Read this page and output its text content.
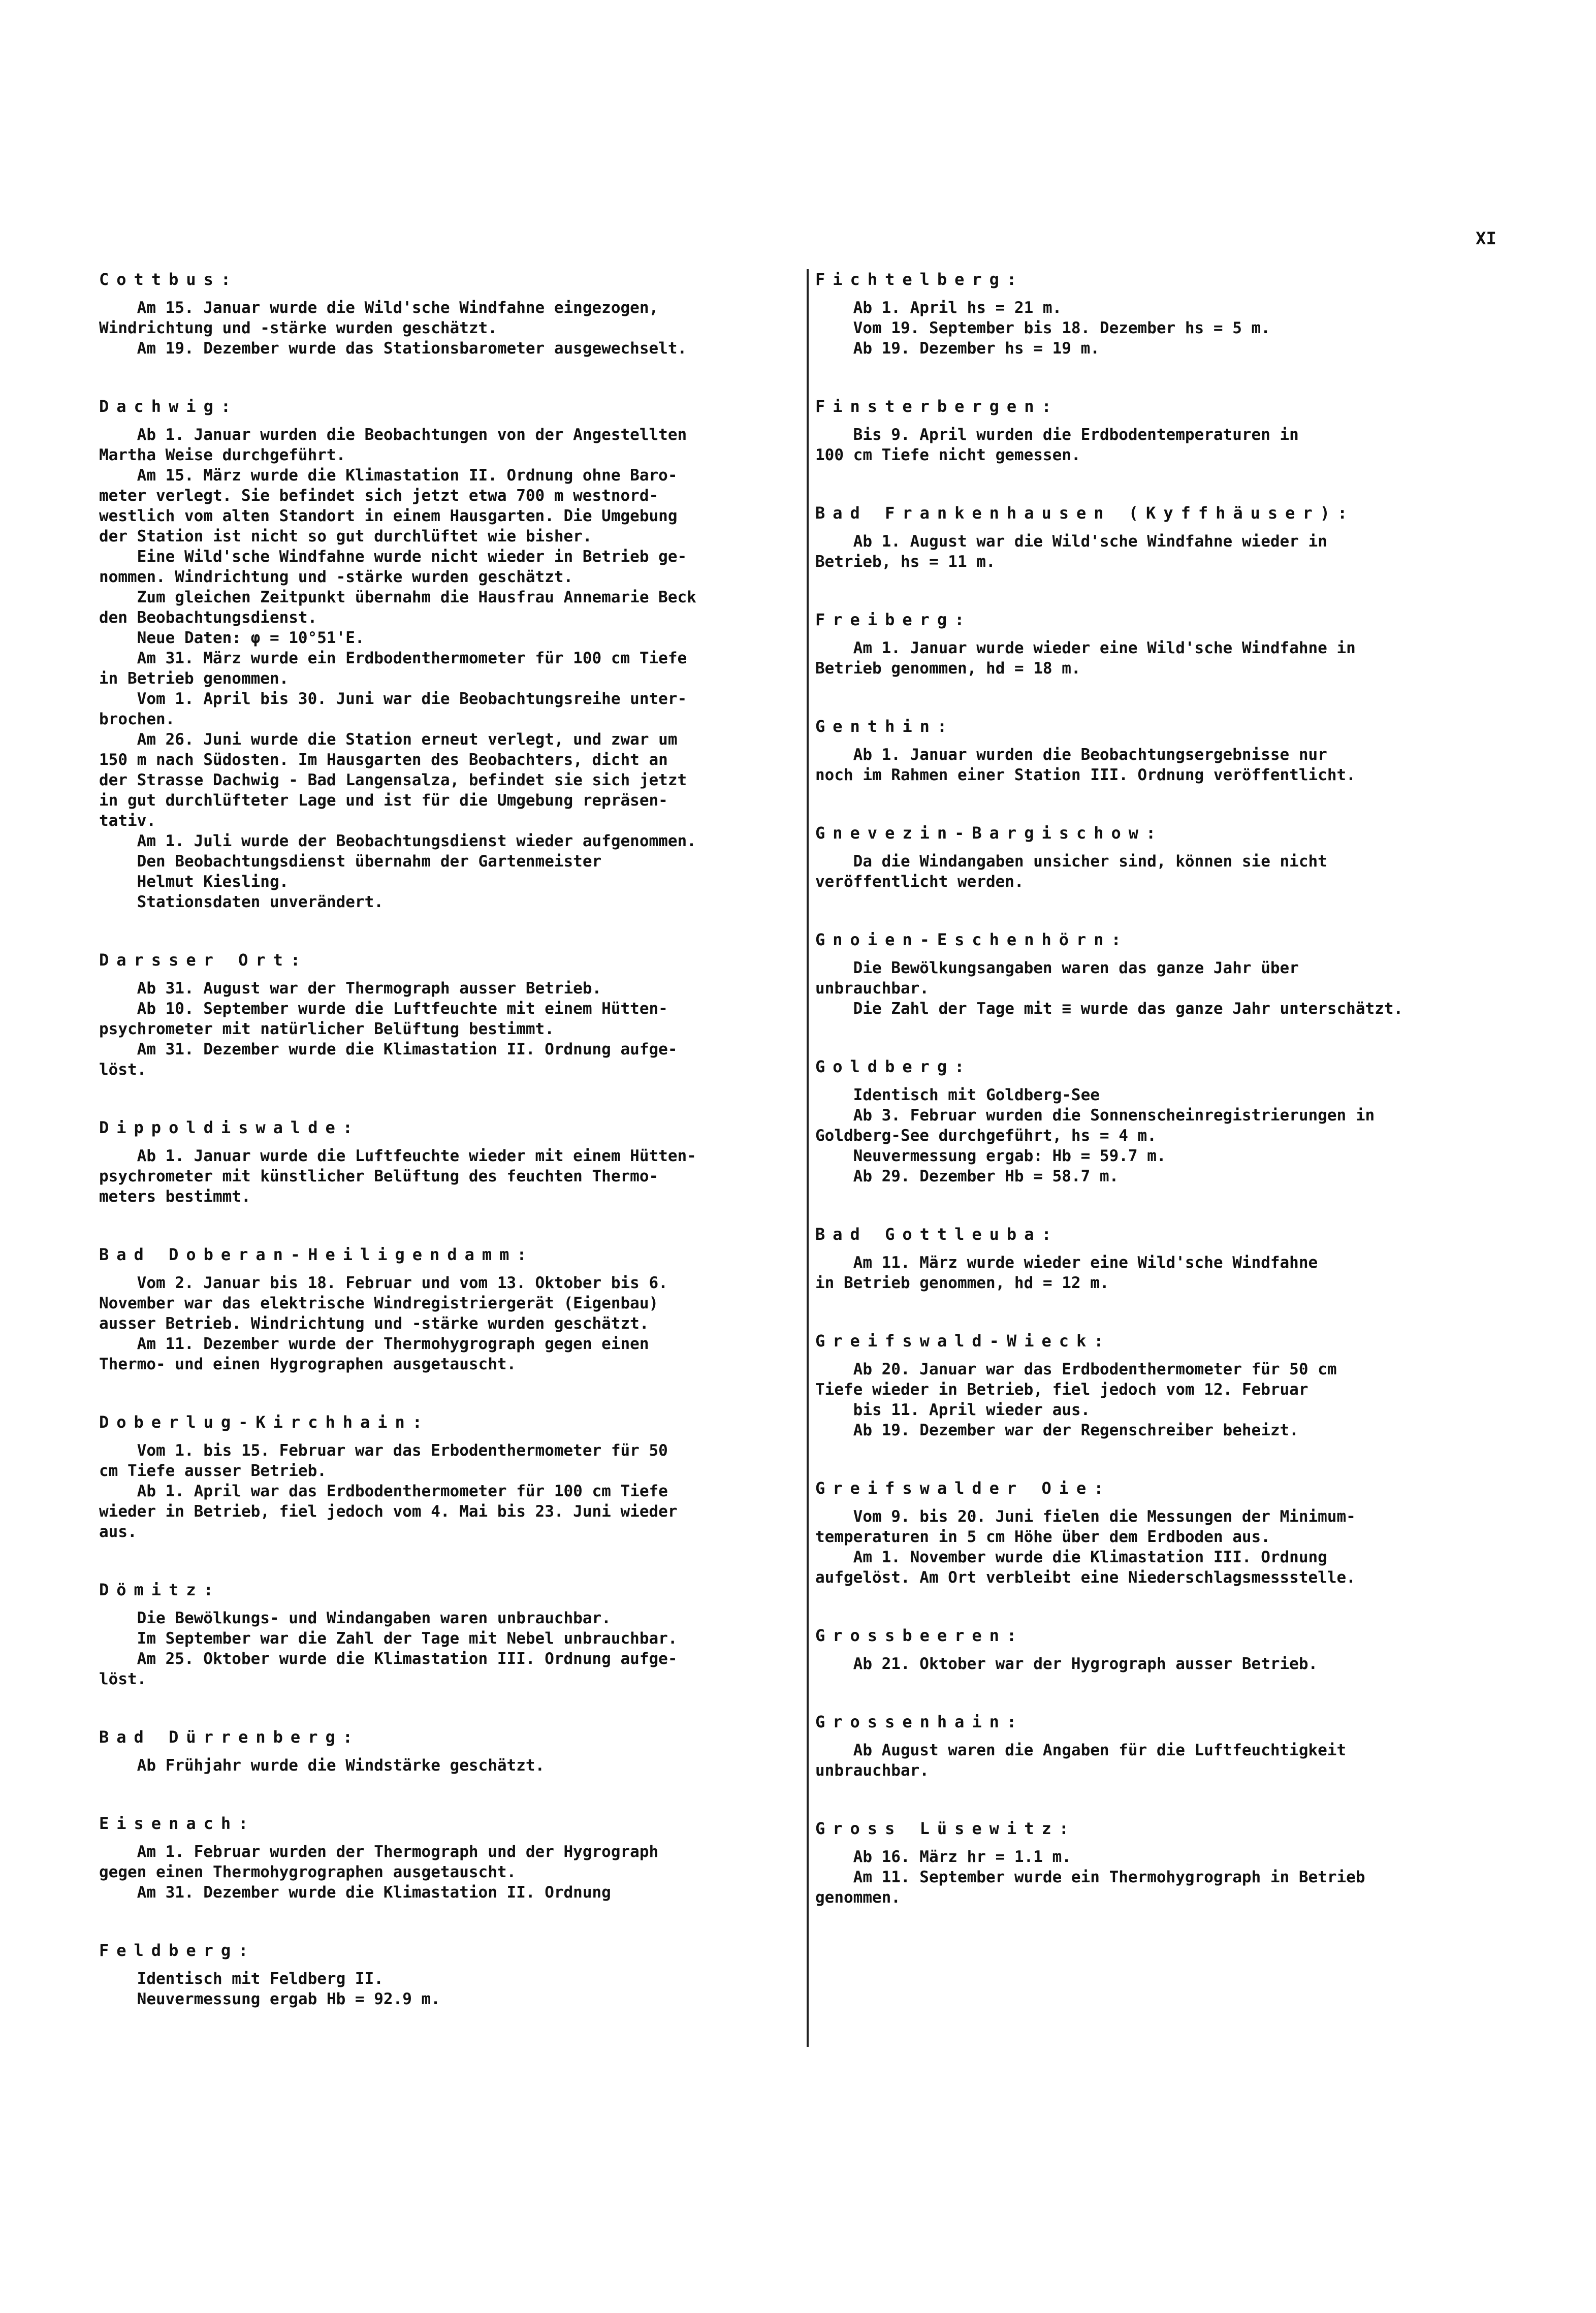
XI
Cottbus:
Am 15. Januar wurde die Wild'sche Windfahne eingezogen,
Windrichtung und -stärke wurden geschätzt.
Am 19. Dezember wurde das Stationsbarometer ausgewechselt.
Dachwig:
Ab 1. Januar wurden die Beobachtungen von der Angestellten
Martha Weise durchgeführt.
Am 15. März wurde die Klimastation II. Ordnung ohne Baro-
meter verlegt. Sie befindet sich jetzt etwa 700 m westnord-
westlich vom alten Standort in einem Hausgarten. Die Umgebung
der Station ist nicht so gut durchlüftet wie bisher.
Eine Wild'sche Windfahne wurde nicht wieder in Betrieb ge-
nommen. Windrichtung und -stärke wurden geschätzt.
Zum gleichen Zeitpunkt übernahm die Hausfrau Annemarie Beck
den Beobachtungsdienst.
Neue Daten: φ = 10°51'E.
Am 31. März wurde ein Erdbodenthermometer für 100 cm Tiefe
in Betrieb genommen.
Vom 1. April bis 30. Juni war die Beobachtungsreihe unter-
brochen.
Am 26. Juni wurde die Station erneut verlegt, und zwar um
150 m nach Südosten. Im Hausgarten des Beobachters, dicht an
der Strasse Dachwig - Bad Langensalza, befindet sie sich jetzt
in gut durchlüfteter Lage und ist für die Umgebung repräsen-
tativ.
Am 1. Juli wurde der Beobachtungsdienst wieder aufgenommen.
Den Beobachtungsdienst übernahm der Gartenmeister
Helmut Kiesling.
Stationsdaten unverändert.
Darsser Ort:
Ab 31. August war der Thermograph ausser Betrieb.
Ab 10. September wurde die Luftfeuchte mit einem Hütten-
psychrometer mit natürlicher Belüftung bestimmt.
Am 31. Dezember wurde die Klimastation II. Ordnung aufge-
löst.
Dippoldiswalde:
Ab 1. Januar wurde die Luftfeuchte wieder mit einem Hütten-
psychrometer mit künstlicher Belüftung des feuchten Thermo-
meters bestimmt.
Bad Doberan-Heiligendamm:
Vom 2. Januar bis 18. Februar und vom 13. Oktober bis 6.
November war das elektrische Windregistriergerät (Eigenbau)
ausser Betrieb. Windrichtung und -stärke wurden geschätzt.
Am 11. Dezember wurde der Thermohygrograph gegen einen
Thermo- und einen Hygrographen ausgetauscht.
Doberlug-Kirchhain:
Vom 1. bis 15. Februar war das Erbodenthermometer für 50
cm Tiefe ausser Betrieb.
Ab 1. April war das Erdbodenthermometer für 100 cm Tiefe
wieder in Betrieb, fiel jedoch vom 4. Mai bis 23. Juni wieder
aus.
Dömitz:
Die Bewölkungs- und Windangaben waren unbrauchbar.
Im September war die Zahl der Tage mit Nebel unbrauchbar.
Am 25. Oktober wurde die Klimastation III. Ordnung aufge-
löst.
Bad Dürrenberg:
Ab Frühjahr wurde die Windstärke geschätzt.
Eisenach:
Am 1. Februar wurden der Thermograph und der Hygrograph
gegen einen Thermohygrographen ausgetauscht.
Am 31. Dezember wurde die Klimastation II. Ordnung
Feldberg:
Identisch mit Feldberg II.
Neuvermessung ergab Hb = 92.9 m.
Fichtelberg:
Ab 1. April hs = 21 m.
Vom 19. September bis 18. Dezember hs = 5 m.
Ab 19. Dezember hs = 19 m.
Finsterbergen:
Bis 9. April wurden die Erdbodentemperaturen in
100 cm Tiefe nicht gemessen.
Bad Frankenhausen (Kyffhäuser):
Ab 1. August war die Wild'sche Windfahne wieder in
Betrieb, hs = 11 m.
Freiberg:
Am 1. Januar wurde wieder eine Wild'sche Windfahne in
Betrieb genommen, hd = 18 m.
Genthin:
Ab 1. Januar wurden die Beobachtungsergebnisse nur
noch im Rahmen einer Station III. Ordnung veröffentlicht.
Gnevezin-Bargischow:
Da die Windangaben unsicher sind, können sie nicht
veröffentlicht werden.
Gnoien-Eschenhörn:
Die Bewölkungsangaben waren das ganze Jahr über
unbrauchbar.
Die Zahl der Tage mit ≡ wurde das ganze Jahr unterschätzt.
Goldberg:
Identisch mit Goldberg-See
Ab 3. Februar wurden die Sonnenscheinregistrierungen in
Goldberg-See durchgeführt, hs = 4 m.
Neuvermessung ergab: Hb = 59.7 m.
Ab 29. Dezember Hb = 58.7 m.
Bad Gottleuba:
Am 11. März wurde wieder eine Wild'sche Windfahne
in Betrieb genommen, hd = 12 m.
Greifswald-Wieck:
Ab 20. Januar war das Erdbodenthermometer für 50 cm
Tiefe wieder in Betrieb, fiel jedoch vom 12. Februar
bis 11. April wieder aus.
Ab 19. Dezember war der Regenschreiber beheizt.
Greifswalder Oie:
Vom 9. bis 20. Juni fielen die Messungen der Minimum-
temperaturen in 5 cm Höhe über dem Erdboden aus.
Am 1. November wurde die Klimastation III. Ordnung
aufgelöst. Am Ort verbleibt eine Niederschlagsmessstelle.
Grossbeeren:
Ab 21. Oktober war der Hygrograph ausser Betrieb.
Grossenhain:
Ab August waren die Angaben für die Luftfeuchtigkeit
unbrauchbar.
Gross Lüsewitz:
Ab 16. März hr = 1.1 m.
Am 11. September wurde ein Thermohygrograph in Betrieb
genommen.
